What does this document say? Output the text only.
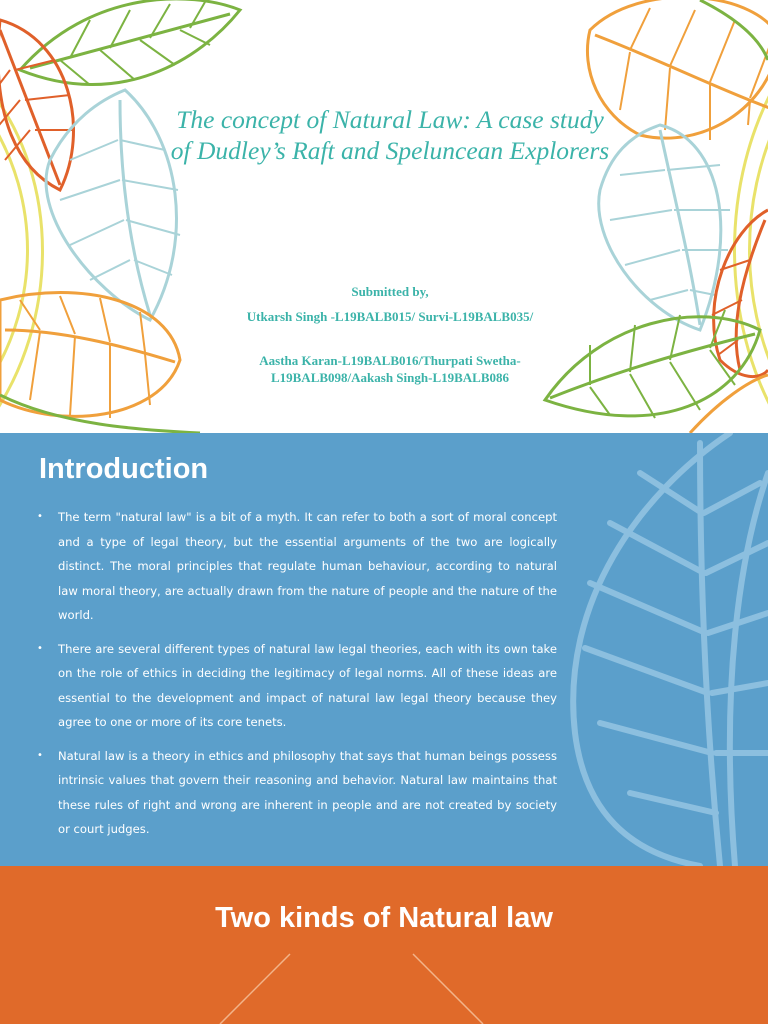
The concept of Natural Law: A case study of Dudley’s Raft and Speluncean Explorers
Submitted by,
Utkarsh Singh -L19BALB015/ Survi-L19BALB035/
Aastha Karan-L19BALB016/Thurpati Swetha- L19BALB098/Aakash Singh-L19BALB086
Introduction
• The term "natural law" is a bit of a myth. It can refer to both a sort of moral concept and a type of legal theory, but the essential arguments of the two are logically distinct. The moral principles that regulate human behaviour, according to natural law moral theory, are actually drawn from the nature of people and the nature of the world.
• There are several different types of natural law legal theories, each with its own take on the role of ethics in deciding the legitimacy of legal norms. All of these ideas are essential to the development and impact of natural law legal theory because they agree to one or more of its core tenets.
• Natural law is a theory in ethics and philosophy that says that human beings possess intrinsic values that govern their reasoning and behavior. Natural law maintains that these rules of right and wrong are inherent in people and are not created by society or court judges.
Two kinds of Natural law
